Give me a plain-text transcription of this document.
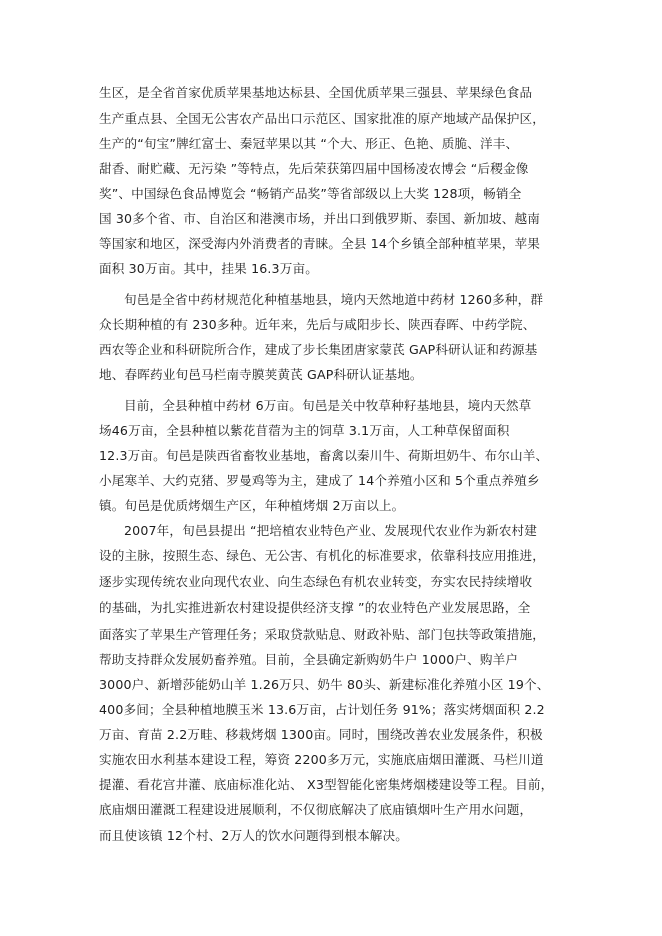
生区，是全省首家优质苹果基地达标县、全国优质苹果三强县、苹果绿色食品
生产重点县、全国无公害农产品出口示范区、国家批准的原产地域产品保护区，
生产的“旬宝”牌红富士、秦冠苹果以其 “个大、形正、色艳、质脆、洋丰、
甜香、耐贮藏、无污染 ”等特点，先后荣获第四届中国杨凌农博会 “后稷金像
奖”、中国绿色食品博览会 “畅销产品奖”等省部级以上大奖 128项，畅销全
国 30多个省、市、自治区和港澳市场，并出口到俄罗斯、泰国、新加坡、越南
等国家和地区，深受海内外消费者的青睐。全县 14个乡镇全部种植苹果，苹果
面积 30万亩。其中，挂果 16.3万亩。
旬邑是全省中药材规范化种植基地县，境内天然地道中药材 1260多种，群
众长期种植的有 230多种。近年来，先后与咸阳步长、陕西春晖、中药学院、
西农等企业和科研院所合作，建成了步长集团唐家蒙芪 GAP科研认证和药源基
地、春晖药业旬邑马栏南寺膜荚黄芪 GAP科研认证基地。
目前，全县种植中药材 6万亩。旬邑是关中牧草种籽基地县，境内天然草
场46万亩，全县种植以紫花苜蓿为主的饲草 3.1万亩，人工种草保留面积
12.3万亩。旬邑是陕西省畜牧业基地，畜禽以秦川牛、荷斯坦奶牛、布尔山羊、
小尾寒羊、大约克猪、罗曼鸡等为主，建成了 14个养殖小区和 5个重点养殖乡
镇。旬邑是优质烤烟生产区，年种植烤烟 2万亩以上。
2007年，旬邑县提出 “把培植农业特色产业、发展现代农业作为新农村建
设的主脉，按照生态、绿色、无公害、有机化的标准要求，依靠科技应用推进，
逐步实现传统农业向现代农业、向生态绿色有机农业转变，夯实农民持续增收
的基础，为扎实推进新农村建设提供经济支撑 ”的农业特色产业发展思路，全
面落实了苹果生产管理任务；采取贷款贴息、财政补贴、部门包扶等政策措施，
帮助支持群众发展奶畜养殖。目前，全县确定新购奶牛户 1000户、购羊户
3000户、新增莎能奶山羊 1.26万只、奶牛 80头、新建标准化养殖小区 19个、
400多间；全县种植地膜玉米 13.6万亩，占计划任务 91%；落实烤烟面积 2.2
万亩、育苗 2.2万畦、移栽烤烟 1300亩。同时，围绕改善农业发展条件，积极
实施农田水利基本建设工程，筹资 2200多万元，实施底庙烟田灌溉、马栏川道
提灌、看花宫井灌、底庙标准化站、 X3型智能化密集烤烟楼建设等工程。目前，
底庙烟田灌溉工程建设进展顺利，不仅彻底解决了底庙镇烟叶生产用水问题，
而且使该镇 12个村、2万人的饮水问题得到根本解决。
